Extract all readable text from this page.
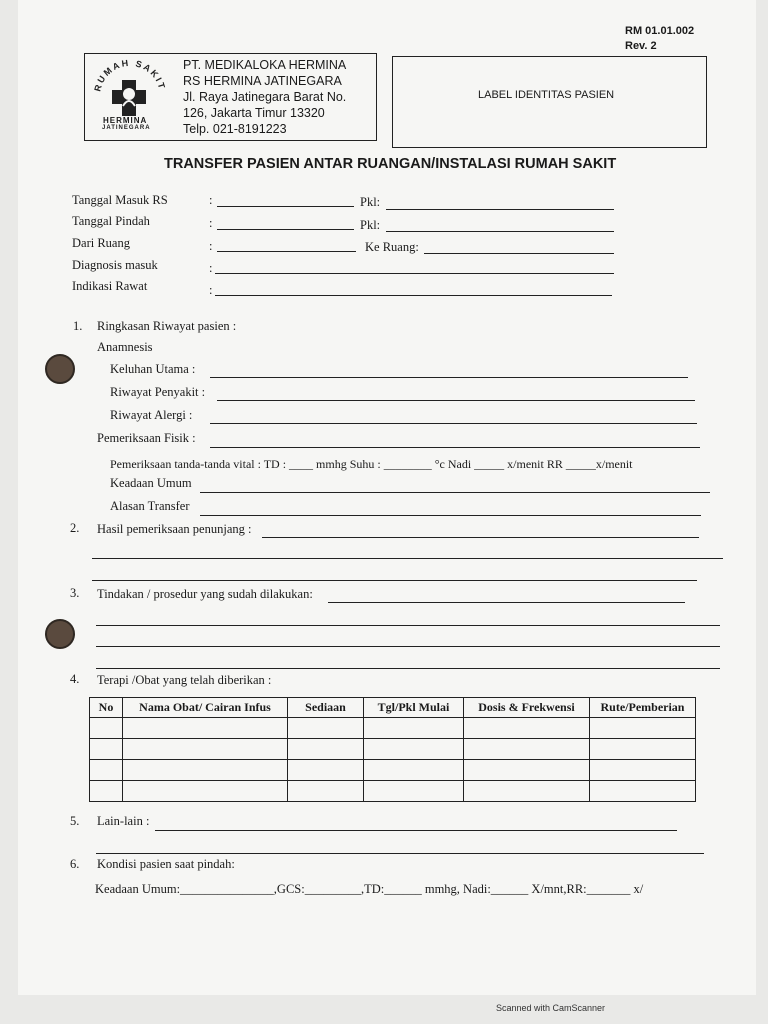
RM 01.01.002
Rev. 2
RUMAH SAKIT
HERMINA
JATINEGARA
PT. MEDIKALOKA HERMINA
RS HERMINA JATINEGARA
Jl. Raya Jatinegara Barat No.
126, Jakarta Timur 13320
Telp. 021-8191223
LABEL IDENTITAS PASIEN
TRANSFER PASIEN ANTAR RUANGAN/INSTALASI RUMAH SAKIT
Tanggal Masuk RS	:	Pkl:
Tanggal Pindah	:	Pkl:
Dari Ruang	:	Ke Ruang:
Diagnosis masuk	:
Indikasi Rawat	:
1. Ringkasan Riwayat pasien :
Anamnesis
Keluhan Utama :
Riwayat Penyakit :
Riwayat Alergi :
Pemeriksaan Fisik :
Pemeriksaan tanda-tanda vital : TD : ____ mmhg Suhu : ________ °c Nadi _____ x/menit RR _____x/menit
Keadaan Umum
Alasan Transfer
2. Hasil pemeriksaan penunjang :
3. Tindakan / prosedur yang sudah dilakukan:
4. Terapi /Obat yang telah diberikan :
No	Nama Obat/ Cairan Infus	Sediaan	Tgl/Pkl Mulai	Dosis & Frekwensi	Rute/Pemberian

5. Lain-lain :
6. Kondisi pasien saat pindah:
Keadaan Umum:_______________,GCS:_________,TD:______ mmhg, Nadi:______ X/mnt,RR:_______ x/
Scanned with CamScanner
